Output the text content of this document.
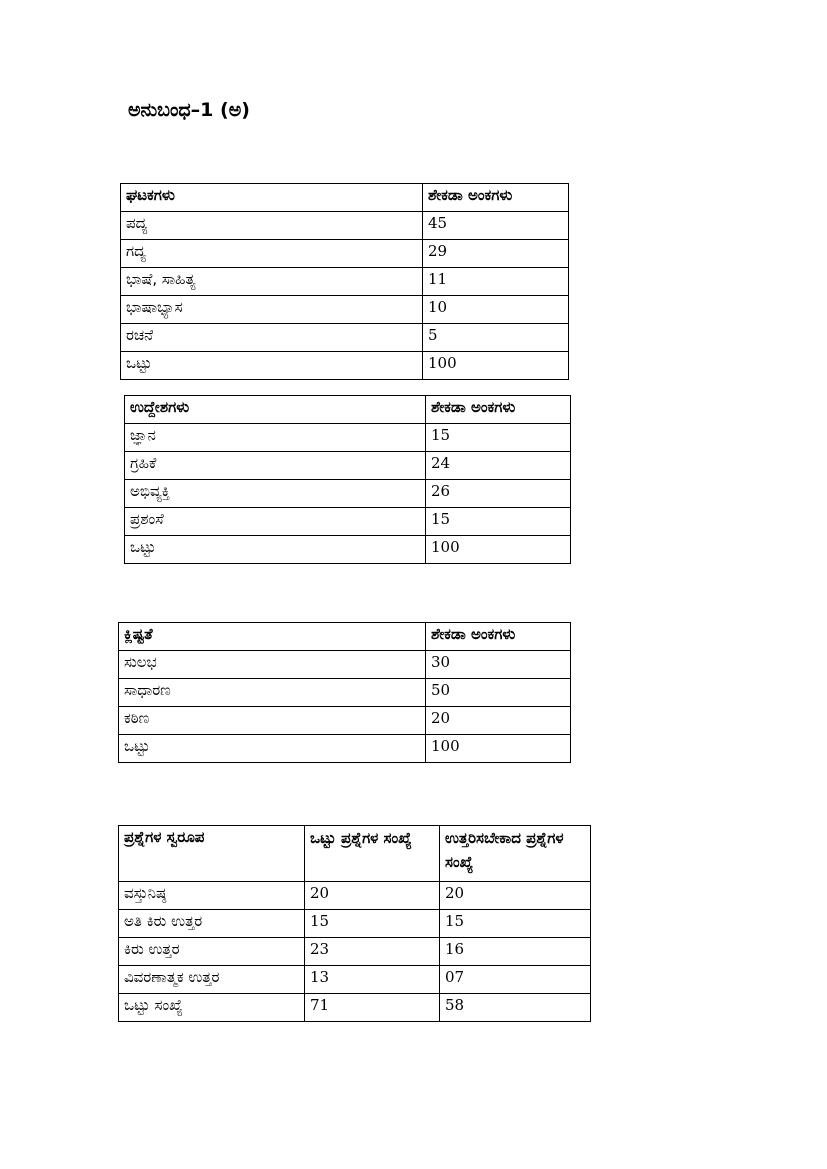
ಅನುಬಂಧ–1 (ಅ)
ಘಟಕಗಳು	ಶೇಕಡಾ ಅಂಕಗಳು
ಪದ್ಯ	45
ಗದ್ಯ	29
ಭಾಷೆ, ಸಾಹಿತ್ಯ	11
ಭಾಷಾಭ್ಯಾಸ	10
ರಚನೆ	5
ಒಟ್ಟು	100
ಉದ್ದೇಶಗಳು	ಶೇಕಡಾ ಅಂಕಗಳು
ಜ್ಞಾನ	15
ಗ್ರಹಿಕೆ	24
ಅಭಿವ್ಯಕ್ತಿ	26
ಪ್ರಶಂಸೆ	15
ಒಟ್ಟು	100
ಕ್ಲಿಷ್ಟತೆ	ಶೇಕಡಾ ಅಂಕಗಳು
ಸುಲಭ	30
ಸಾಧಾರಣ	50
ಕಠಿಣ	20
ಒಟ್ಟು	100
ಪ್ರಶ್ನೆಗಳ ಸ್ವರೂಪ	ಒಟ್ಟು ಪ್ರಶ್ನೆಗಳ ಸಂಖ್ಯೆ	ಉತ್ತರಿಸಬೇಕಾದ ಪ್ರಶ್ನೆಗಳ ಸಂಖ್ಯೆ
ವಸ್ತುನಿಷ್ಠ	20	20
ಅತಿ ಕಿರು ಉತ್ತರ	15	15
ಕಿರು ಉತ್ತರ	23	16
ವಿವರಣಾತ್ಮಕ ಉತ್ತರ	13	07
ಒಟ್ಟು ಸಂಖ್ಯೆ	71	58
